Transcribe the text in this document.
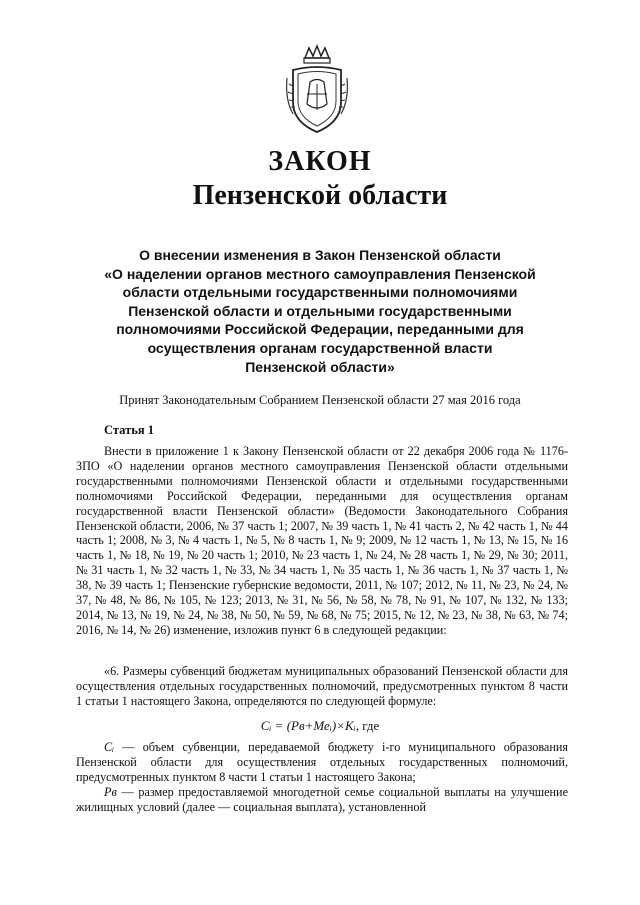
ЗАКОН
Пензенской области
О внесении изменения в Закон Пензенской области
«О наделении органов местного самоуправления Пензенской
области отдельными государственными полномочиями
Пензенской области и отдельными государственными
полномочиями Российской Федерации, переданными для
осуществления органам государственной власти
Пензенской области»
Принят Законодательным Собранием Пензенской области 27 мая 2016 года
Статья 1

Внести в приложение 1 к Закону Пензенской области от 22 декабря 2006 года № 1176-ЗПО «О наделении органов местного самоуправления Пензенской области отдельными государственными полномочиями Пензенской области и отдельными государственными полномочиями Российской Федерации, переданными для осуществления органам государственной власти Пензенской области» (Ведомости Законодательного Собрания Пензенской области, 2006, № 37 часть 1; 2007, № 39 часть 1, № 41 часть 2, № 42 часть 1, № 44 часть 1; 2008, № 3, № 4 часть 1, № 5, № 8 часть 1, № 9; 2009, № 12 часть 1, № 13, № 15, № 16 часть 1, № 18, № 19, № 20 часть 1; 2010, № 23 часть 1, № 24, № 28 часть 1, № 29, № 30; 2011, № 31 часть 1, № 32 часть 1, № 33, № 34 часть 1, № 35 часть 1, № 36 часть 1, № 37 часть 1, № 38, № 39 часть 1; Пензенские губернские ведомости, 2011, № 107; 2012, № 11, № 23, № 24, № 37, № 48, № 86, № 105, № 123; 2013, № 31, № 56, № 58, № 78, № 91, № 107, № 132, № 133; 2014, № 13, № 19, № 24, № 38, № 50, № 59, № 68, № 75; 2015, № 12, № 23, № 38, № 63, № 74; 2016, № 14, № 26) изменение, изложив пункт 6 в следующей редакции:

«6. Размеры субвенций бюджетам муниципальных образований Пензенской области для осуществления отдельных государственных полномочий, предусмотренных пунктом 8 части 1 статьи 1 настоящего Закона, определяются по следующей формуле:

Cᵢ = (Рв+Меᵢ)×Kᵢ, где

Сᵢ — объем субвенции, передаваемой бюджету i-го муниципального образования Пензенской области для осуществления отдельных государственных полномочий, предусмотренных пунктом 8 части 1 статьи 1 настоящего Закона;

Рв — размер предоставляемой многодетной семье социальной выплаты на улучшение жилищных условий (далее — социальная выплата), установленной
